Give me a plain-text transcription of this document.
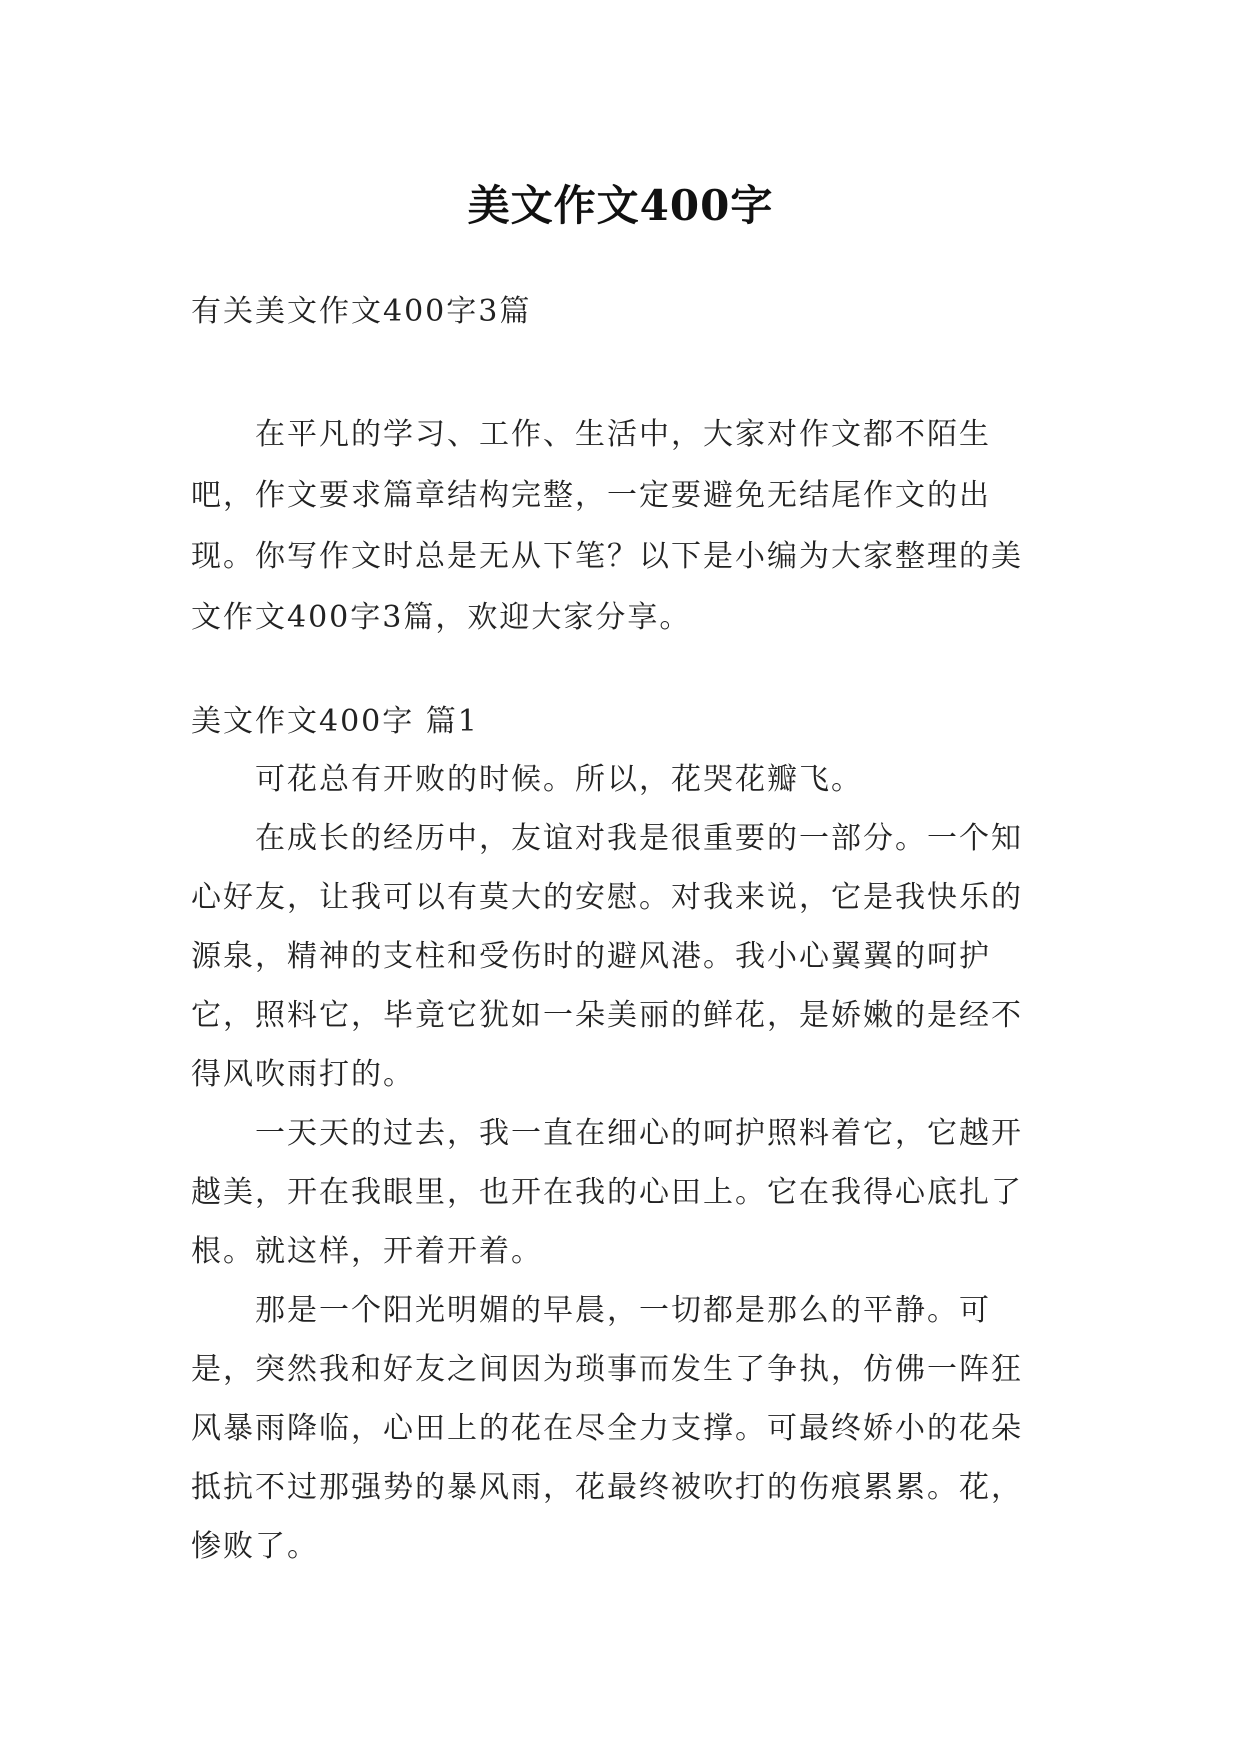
美文作文400字
有关美文作文400字3篇

在平凡的学习、工作、生活中，大家对作文都不陌生吧，作文要求篇章结构完整，一定要避免无结尾作文的出现。你写作文时总是无从下笔？以下是小编为大家整理的美文作文400字3篇，欢迎大家分享。

美文作文400字 篇1

可花总有开败的时候。所以，花哭花瓣飞。

在成长的经历中，友谊对我是很重要的一部分。一个知心好友，让我可以有莫大的安慰。对我来说，它是我快乐的源泉，精神的支柱和受伤时的避风港。我小心翼翼的呵护它，照料它，毕竟它犹如一朵美丽的鲜花，是娇嫩的是经不得风吹雨打的。

一天天的过去，我一直在细心的呵护照料着它，它越开越美，开在我眼里，也开在我的心田上。它在我得心底扎了根。就这样，开着开着。

那是一个阳光明媚的早晨，一切都是那么的平静。可是，突然我和好友之间因为琐事而发生了争执，仿佛一阵狂风暴雨降临，心田上的花在尽全力支撑。可最终娇小的花朵抵抗不过那强势的暴风雨，花最终被吹打的伤痕累累。花，惨败了。
